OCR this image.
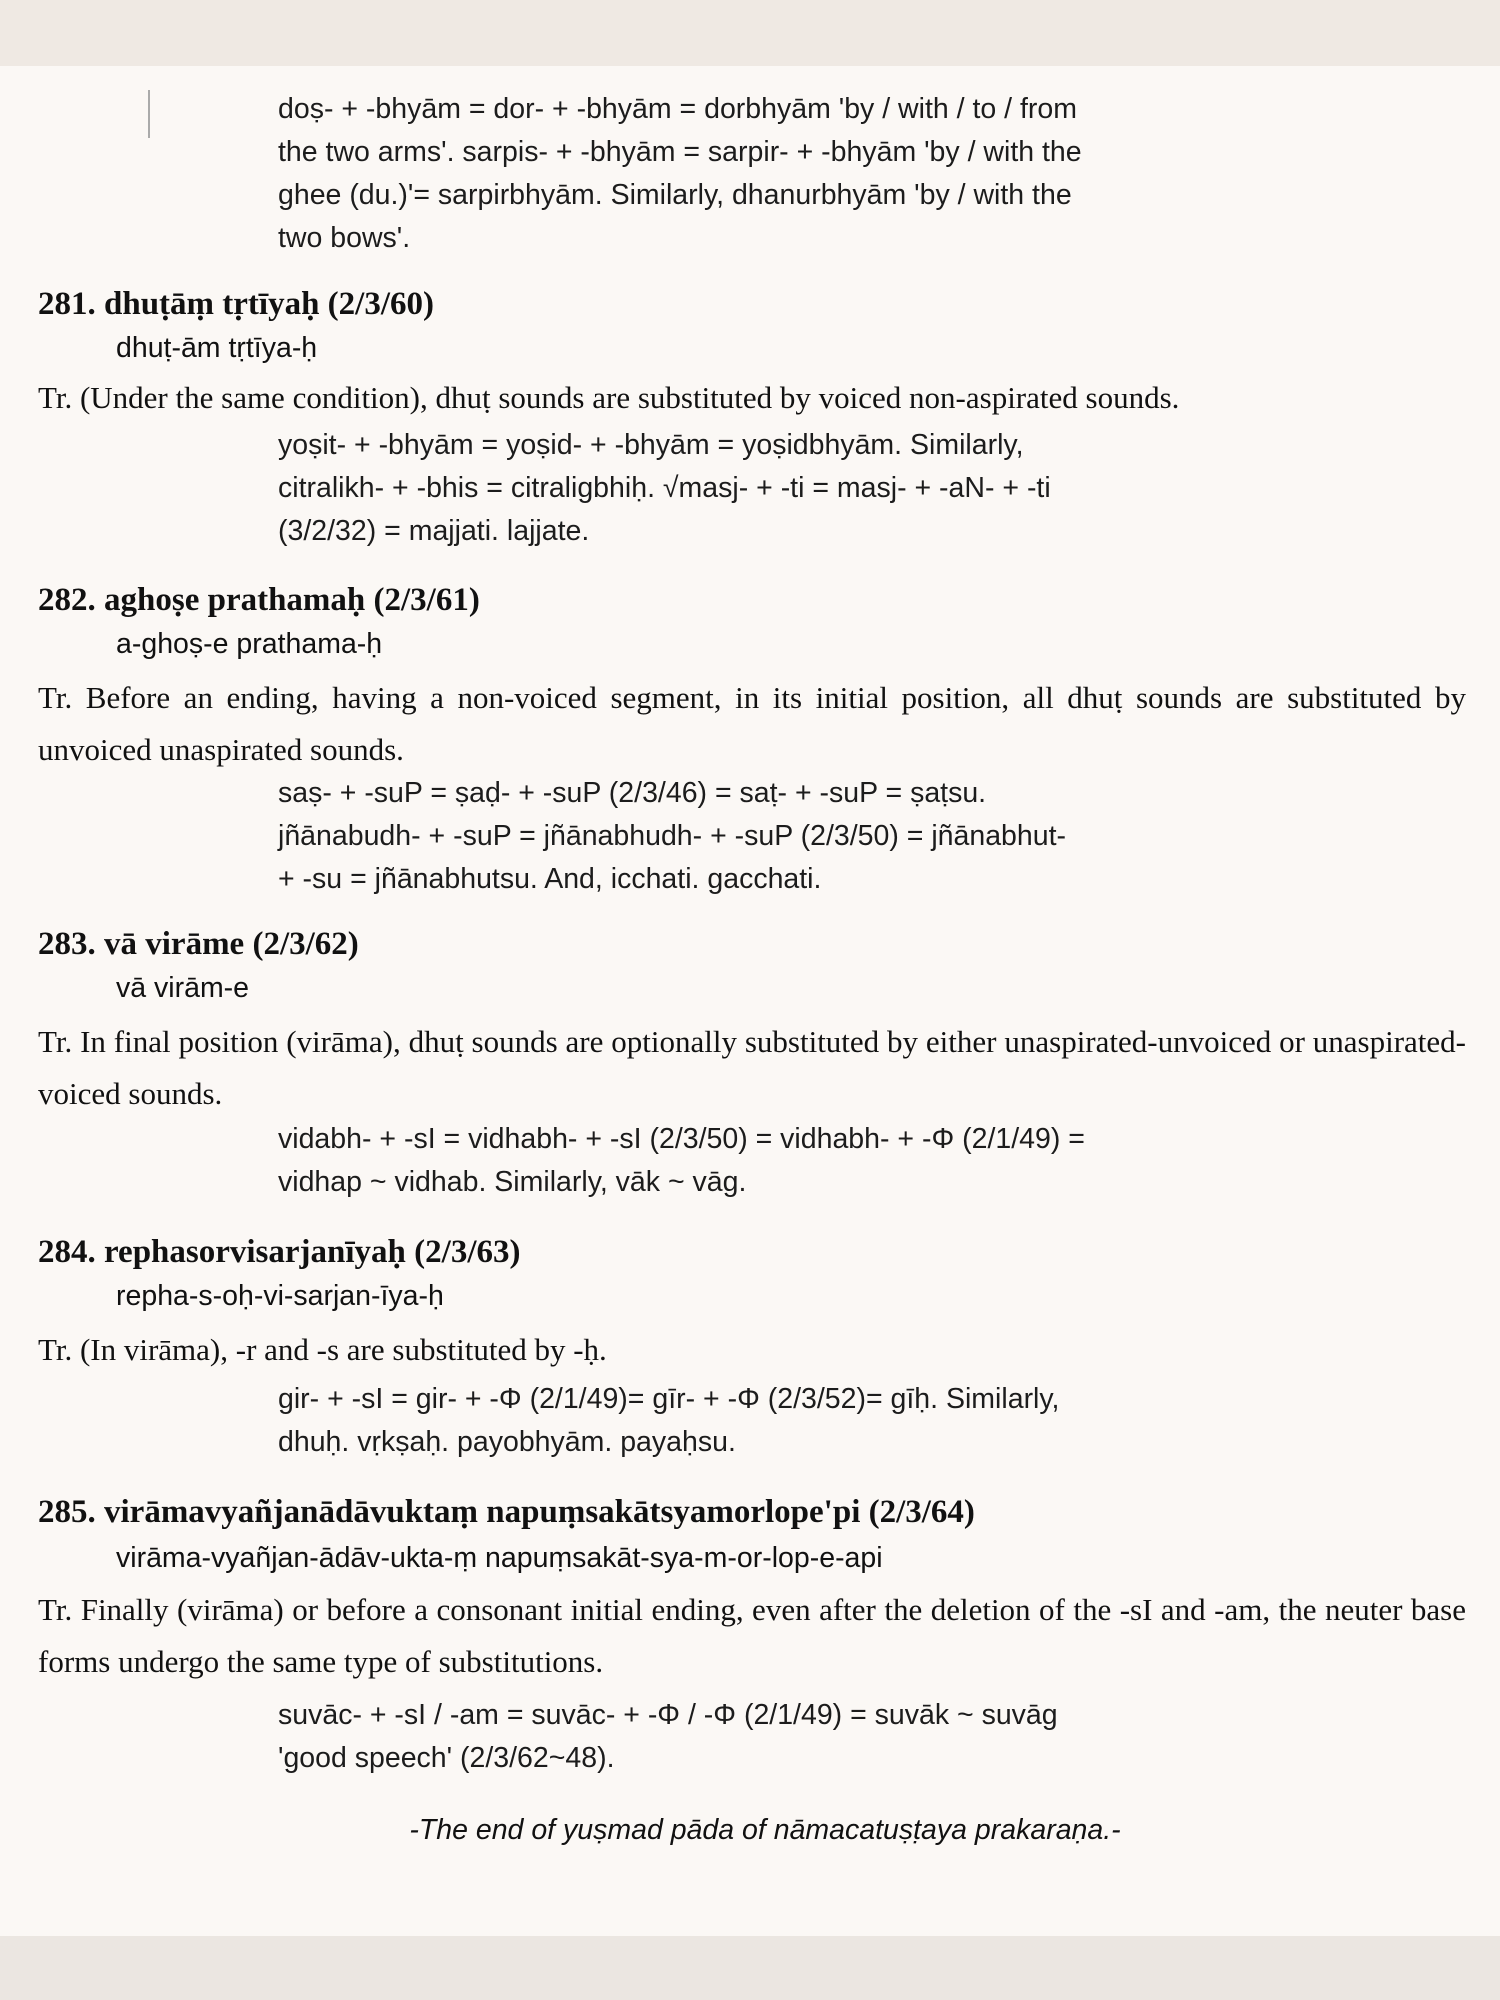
doṣ- + -bhyām = dor- + -bhyām = dorbhyām 'by / with / to / from
the two arms'. sarpis- + -bhyām = sarpir- + -bhyām 'by / with the
ghee (du.)'= sarpirbhyām. Similarly, dhanurbhyām 'by / with the
two bows'.
281. dhuṭāṃ tṛtīyaḥ (2/3/60)
dhuṭ-ām tṛtīya-ḥ
Tr. (Under the same condition), dhuṭ sounds are substituted by voiced non-aspirated sounds.
yoṣit- + -bhyām = yoṣid- + -bhyām = yoṣidbhyām. Similarly,
citralikh- + -bhis = citraligbhiḥ. √masj- + -ti = masj- + -aN- + -ti
(3/2/32) = majjati. lajjate.
282. aghoṣe prathamaḥ (2/3/61)
a-ghoṣ-e prathama-ḥ
Tr. Before an ending, having a non-voiced segment, in its initial position, all dhuṭ sounds are substituted by unvoiced unaspirated sounds.
saṣ- + -suP = ṣaḍ- + -suP (2/3/46) = saṭ- + -suP = ṣaṭsu.
jñānabudh- + -suP = jñānabhudh- + -suP (2/3/50) = jñānabhut-
+ -su = jñānabhutsu. And, icchati. gacchati.
283. vā virāme (2/3/62)
vā virām-e
Tr. In final position (virāma), dhuṭ sounds are optionally substituted by either unaspirated-unvoiced or unaspirated- voiced sounds.
vidabh- + -sI = vidhabh- + -sI (2/3/50) = vidhabh- + -Φ (2/1/49) =
vidhap ~ vidhab. Similarly, vāk ~ vāg.
284. rephasorvisarjanīyaḥ (2/3/63)
repha-s-oḥ-vi-sarjan-īya-ḥ
Tr. (In virāma), -r and -s are substituted by -ḥ.
gir- + -sI = gir- + -Φ (2/1/49)= gīr- + -Φ (2/3/52)= gīḥ. Similarly,
dhuḥ. vṛkṣaḥ. payobhyām. payaḥsu.
285. virāmavyañjanādāvuktaṃ napuṃsakātsyamorlope'pi (2/3/64)
virāma-vyañjan-ādāv-ukta-ṃ napuṃsakāt-sya-m-or-lop-e-api
Tr. Finally (virāma) or before a consonant initial ending, even after the deletion of the -sI and -am, the neuter base forms undergo the same type of substitutions.
suvāc- + -sI / -am = suvāc- + -Φ / -Φ (2/1/49) = suvāk ~ suvāg
'good speech' (2/3/62~48).
-The end of yuṣmad pāda of nāmacatuṣṭaya prakaraṇa.-
